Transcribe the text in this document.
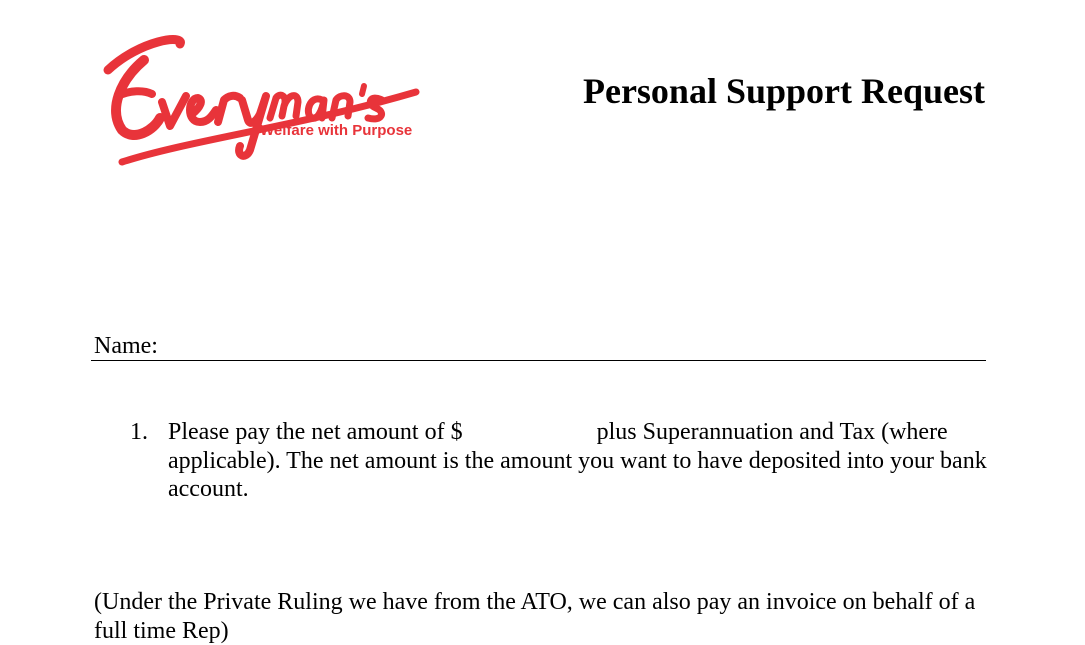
Welfare with Purpose
Personal Support Request
Name:
1. Please pay the net amount of $	plus Superannuation and Tax (where applicable). The net amount is the amount you want to have deposited into your bank account.
(Under the Private Ruling we have from the ATO, we can also pay an invoice on behalf of a full time Rep)
